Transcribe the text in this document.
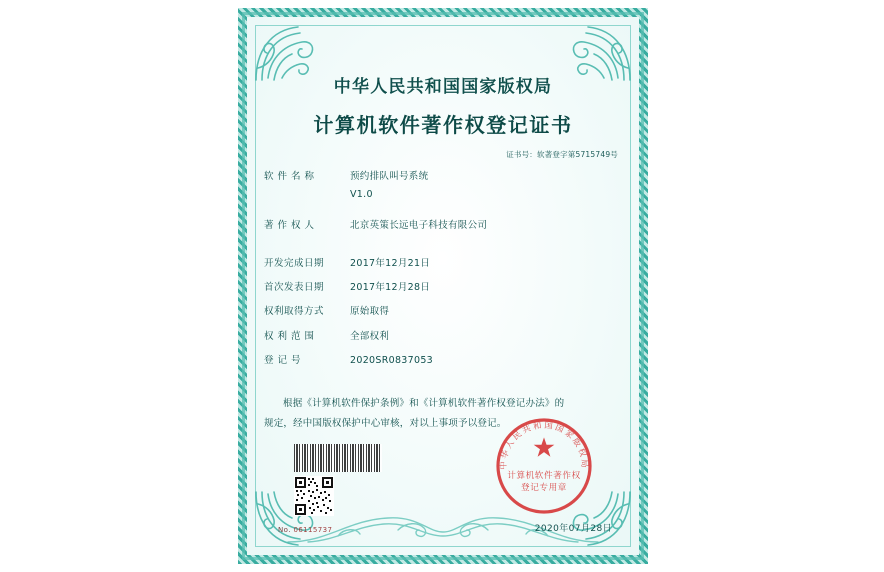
中华人民共和国国家版权局
计算机软件著作权登记证书
证书号：软著登字第5715749号
软 件 名 称	预约排队叫号系统
V1.0
著 作 权 人	北京英策长远电子科技有限公司
开发完成日期	2017年12月21日
首次发表日期	2017年12月28日
权利取得方式	原始取得
权 利 范 围	全部权利
登 记 号	2020SR0837053
根据《计算机软件保护条例》和《计算机软件著作权登记办法》的
规定，经中国版权保护中心审核，对以上事项予以登记。
No. 06115737	2020年07月28日
中华人民共和国国家版权局
计算机软件著作权
登记专用章
